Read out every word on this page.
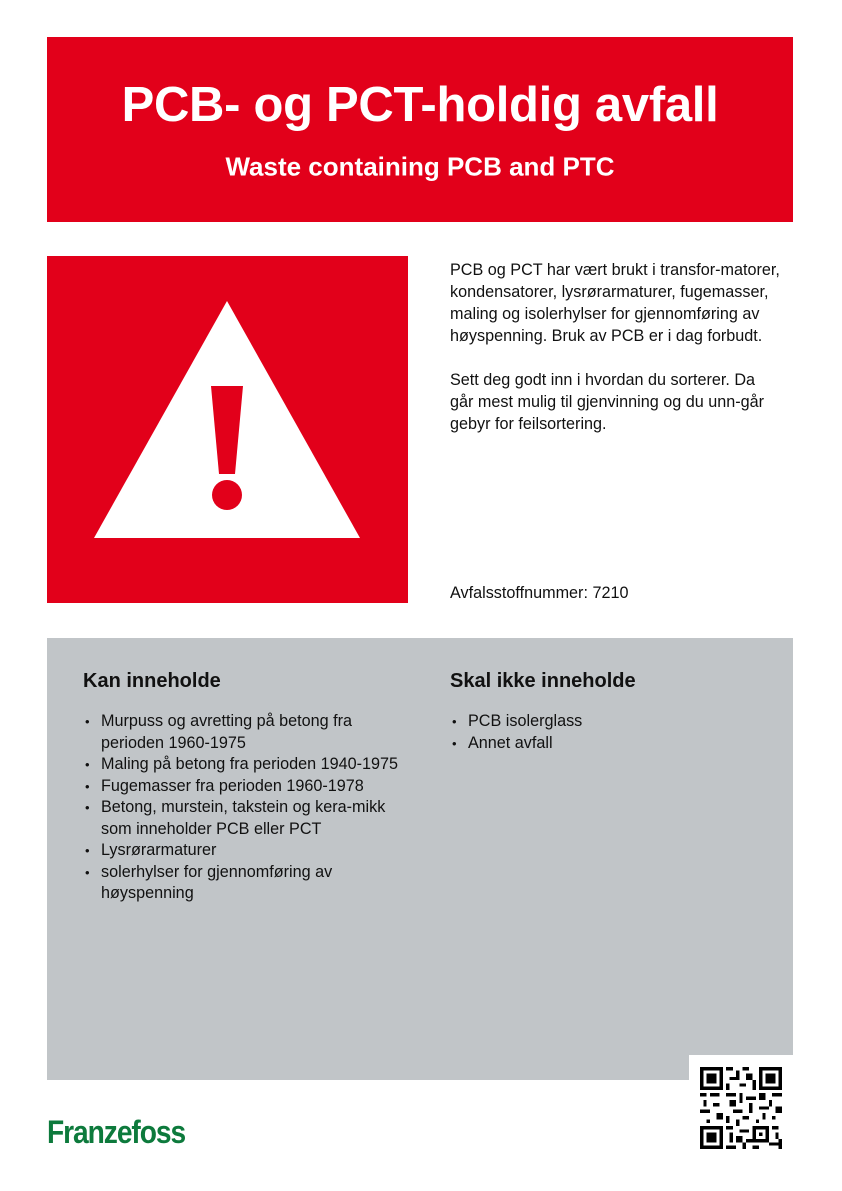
PCB- og PCT-holdig avfall
Waste containing PCB and PTC

PCB og PCT har vært brukt i transfor-matorer, kondensatorer, lysrørarmaturer, fugemasser, maling og isolerhylser for gjennomføring av høyspenning. Bruk av PCB er i dag forbudt.

Sett deg godt inn i hvordan du sorterer. Da går mest mulig til gjenvinning og du unn-går gebyr for feilsortering.

Avfalsstoffnummer: 7210
Kan inneholde
• Murpuss og avretting på betong fra perioden 1960-1975
• Maling på betong fra perioden 1940-1975
• Fugemasser fra perioden 1960-1978
• Betong, murstein, takstein og kera-mikk som inneholder PCB eller PCT
• Lysrørarmaturer
• solerhylser for gjennomføring av høyspenning
Skal ikke inneholde
• PCB isolerglass
• Annet avfall
Franzefoss
